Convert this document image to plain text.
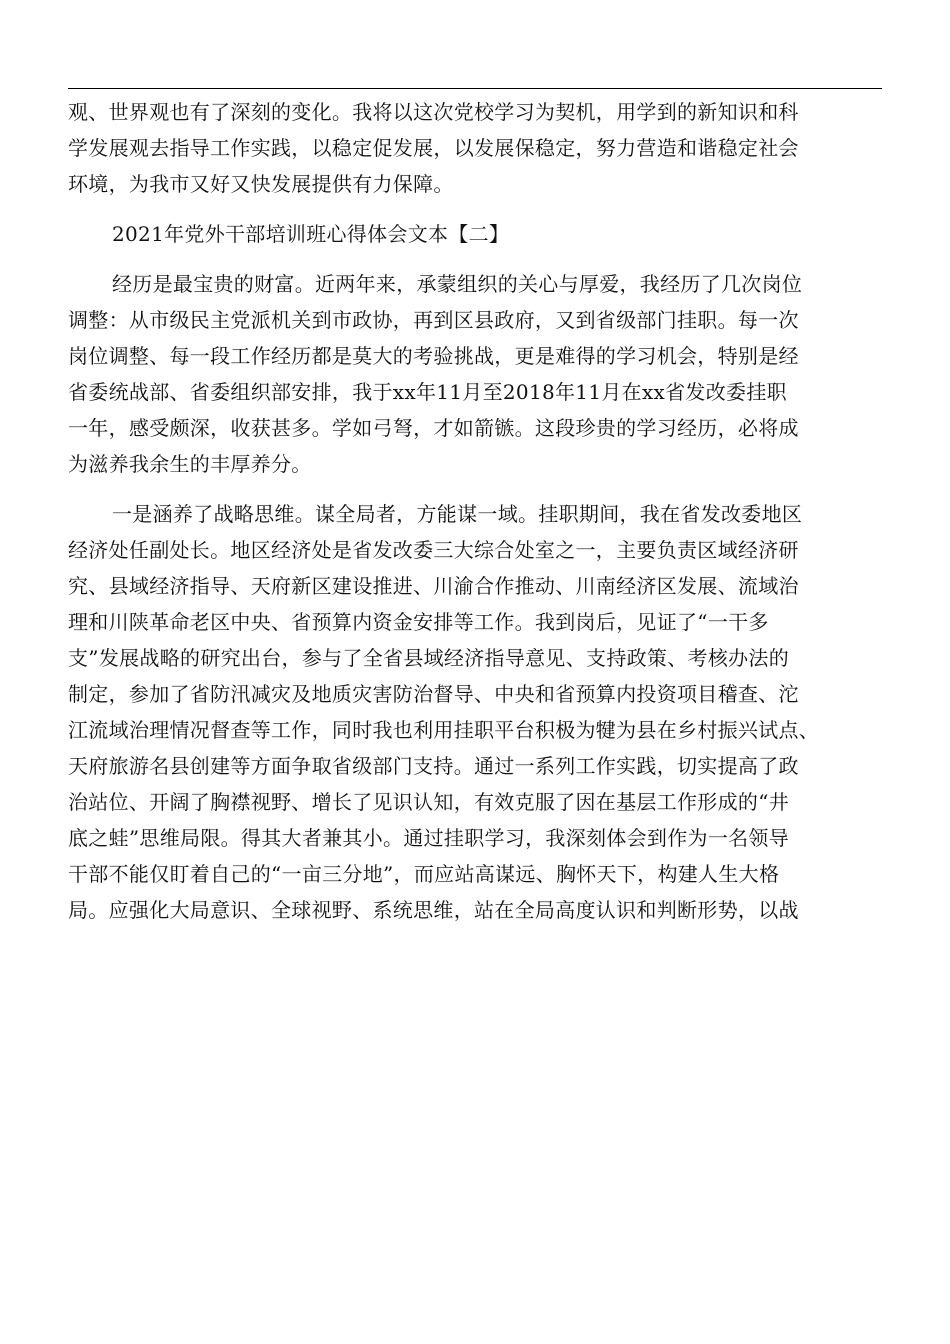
观、世界观也有了深刻的变化。我将以这次党校学习为契机，用学到的新知识和科
学发展观去指导工作实践，以稳定促发展，以发展保稳定，努力营造和谐稳定社会
环境，为我市又好又快发展提供有力保障。
2021年党外干部培训班心得体会文本【二】
经历是最宝贵的财富。近两年来，承蒙组织的关心与厚爱，我经历了几次岗位
调整：从市级民主党派机关到市政协，再到区县政府，又到省级部门挂职。每一次
岗位调整、每一段工作经历都是莫大的考验挑战，更是难得的学习机会，特别是经
省委统战部、省委组织部安排，我于xx年11月至2018年11月在xx省发改委挂职
一年，感受颇深，收获甚多。学如弓弩，才如箭镞。这段珍贵的学习经历，必将成
为滋养我余生的丰厚养分。
一是涵养了战略思维。谋全局者，方能谋一域。挂职期间，我在省发改委地区
经济处任副处长。地区经济处是省发改委三大综合处室之一，主要负责区域经济研
究、县域经济指导、天府新区建设推进、川渝合作推动、川南经济区发展、流域治
理和川陕革命老区中央、省预算内资金安排等工作。我到岗后，见证了“一干多
支”发展战略的研究出台，参与了全省县域经济指导意见、支持政策、考核办法的
制定，参加了省防汛减灾及地质灾害防治督导、中央和省预算内投资项目稽查、沱
江流域治理情况督查等工作，同时我也利用挂职平台积极为犍为县在乡村振兴试点、
天府旅游名县创建等方面争取省级部门支持。通过一系列工作实践，切实提高了政
治站位、开阔了胸襟视野、增长了见识认知，有效克服了因在基层工作形成的“井
底之蛙”思维局限。得其大者兼其小。通过挂职学习，我深刻体会到作为一名领导
干部不能仅盯着自己的“一亩三分地”，而应站高谋远、胸怀天下，构建人生大格
局。应强化大局意识、全球视野、系统思维，站在全局高度认识和判断形势，以战
